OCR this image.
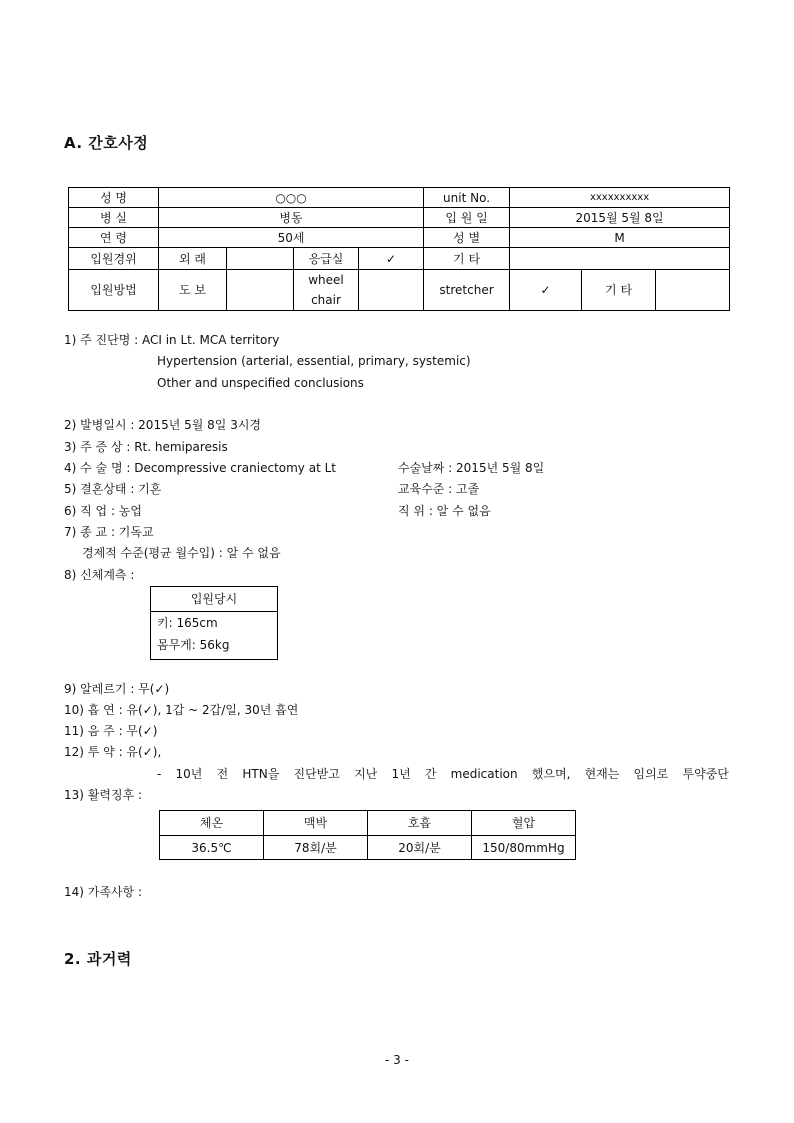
A. 간호사정
성 명	○○○				unit No.	xxxxxxxxxx		
병 실	병동				입 원 일	2015월 5월 8일		
연 령	50세				성 별	M		
입원경위	외 래		응급실	✓	기 타			
입원방법	도 보		wheel chair		stretcher	✓	기 타	
1) 주 진단명 : ACI in Lt. MCA territory
Hypertension (arterial, essential, primary, systemic)
Other and unspecified conclusions
2) 발병일시 : 2015년 5월 8일 3시경
3) 주 증 상 : Rt. hemiparesis
4) 수 술 명 : Decompressive craniectomy at Lt	수술날짜 : 2015년 5월 8일
5) 결혼상태 : 기혼	교육수준 : 고졸
6) 직 업 : 농업	직 위 : 알 수 없음
7) 종 교 : 기독교
경제적 수준(평균 월수입) : 알 수 없음
8) 신체계측 :
입원당시
키: 165cm
몸무게: 56kg
9) 알레르기 : 무(✓)
10) 흡 연 : 유(✓), 1갑 ~ 2갑/일, 30년 흡연
11) 음 주 : 무(✓)
12) 투 약 : 유(✓),
- 10년 전 HTN을 진단받고 지난 1년 간 medication 했으며, 현재는 임의로 투약중단
13) 활력징후 :
체온	맥박	호흡	혈압
36.5℃	78회/분	20회/분	150/80mmHg
14) 가족사항 :
2. 과거력
- 3 -
